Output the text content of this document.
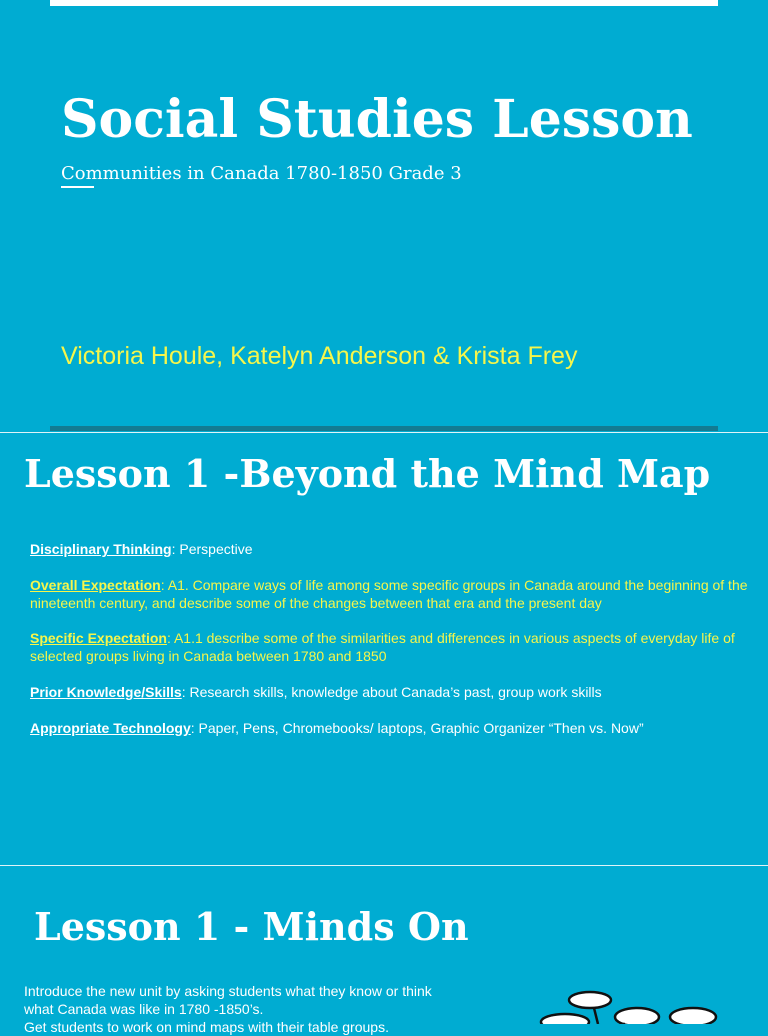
Social Studies Lesson
Communities in Canada 1780-1850 Grade 3
Victoria Houle, Katelyn Anderson & Krista Frey
Lesson 1 -Beyond the Mind Map

Disciplinary Thinking: Perspective

Overall Expectation: A1. Compare ways of life among some specific groups in Canada around the beginning of the nineteenth century, and describe some of the changes between that era and the present day

Specific Expectation: A1.1 describe some of the similarities and differences in various aspects of everyday life of selected groups living in Canada between 1780 and 1850

Prior Knowledge/Skills: Research skills, knowledge about Canada’s past, group work skills

Appropriate Technology: Paper, Pens, Chromebooks/ laptops, Graphic Organizer “Then vs. Now”

Lesson 1 - Minds On

Introduce the new unit by asking students what they know or think
what Canada was like in 1780 -1850’s.
Get students to work on mind maps with their table groups.
